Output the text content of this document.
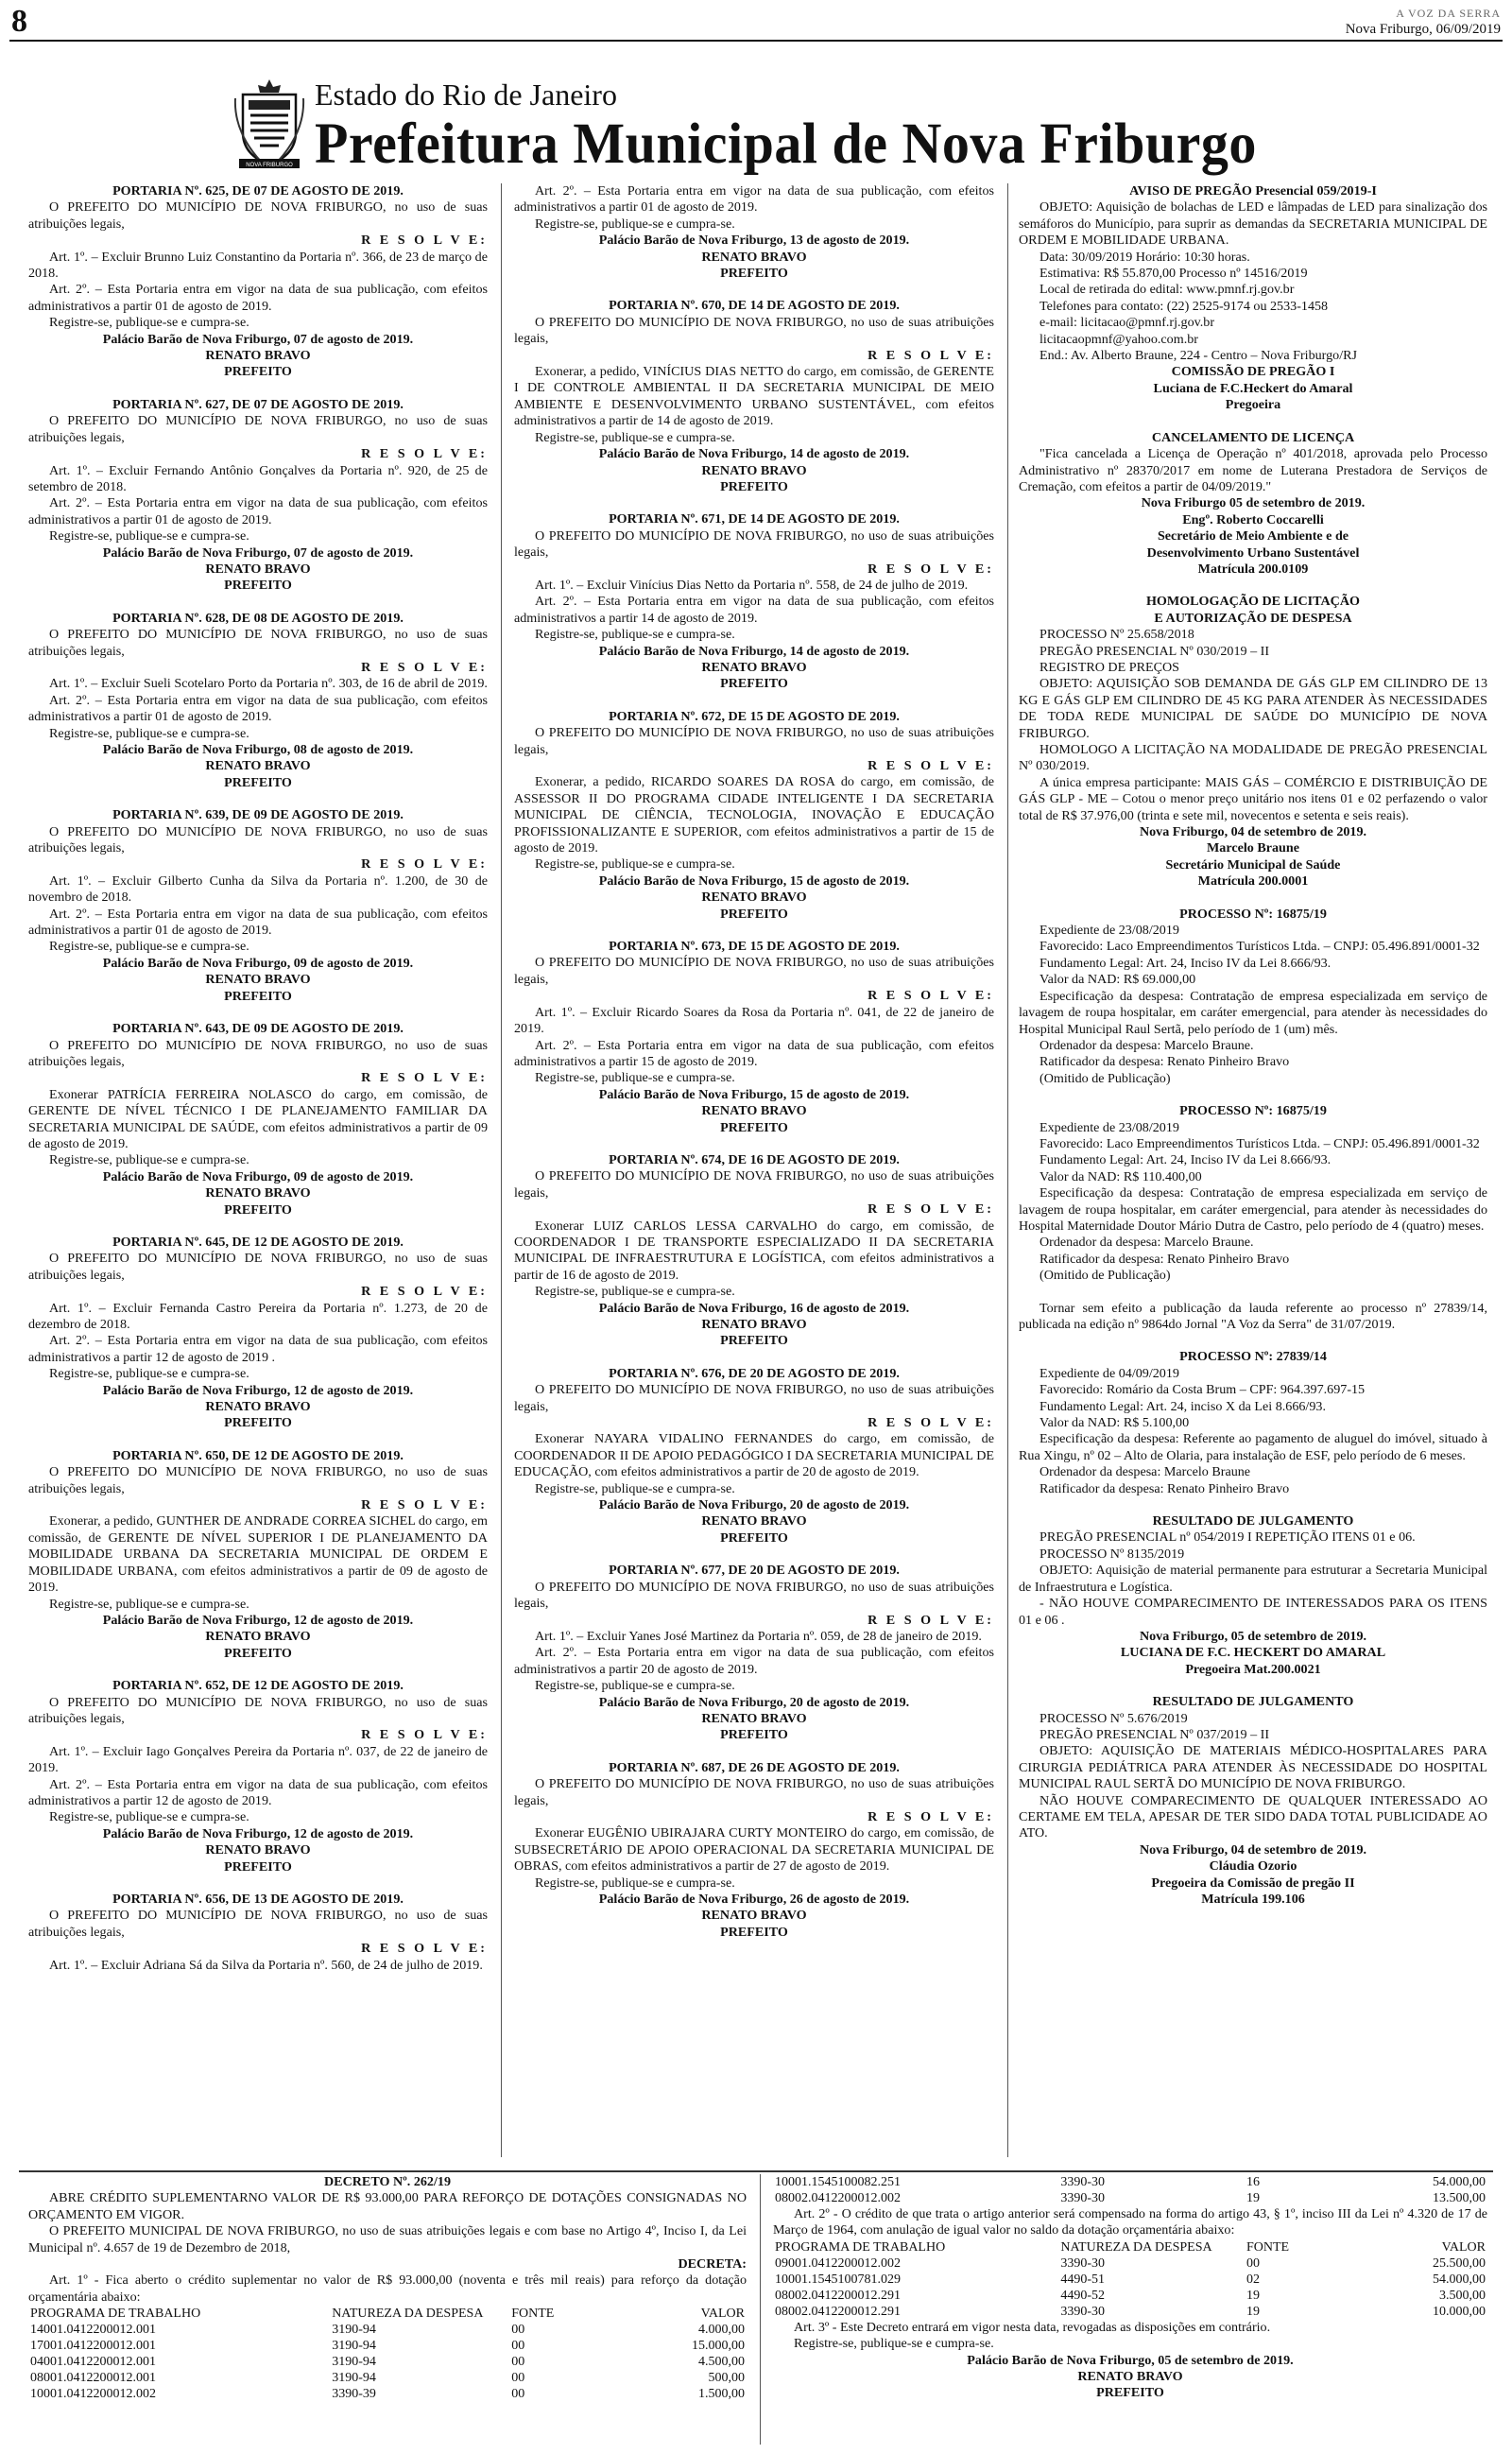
8	A VOZ DA SERRA
Nova Friburgo, 06/09/2019
NOVA FRIBURGO
Estado do Rio de Janeiro
Prefeitura Municipal de Nova Friburgo

PORTARIA Nº. 625, DE 07 DE AGOSTO DE 2019.

O PREFEITO DO MUNICÍPIO DE NOVA FRIBURGO, no uso de suas atribuições legais,

R E S O L V E:

Art. 1º. – Excluir Brunno Luiz Constantino da Portaria nº. 366, de 23 de março de 2018.

Art. 2º. – Esta Portaria entra em vigor na data de sua publicação, com efeitos administrativos a partir 01 de agosto de 2019.

Registre-se, publique-se e cumpra-se.

Palácio Barão de Nova Friburgo, 07 de agosto de 2019.

RENATO BRAVO

PREFEITO

PORTARIA Nº. 627, DE 07 DE AGOSTO DE 2019.

O PREFEITO DO MUNICÍPIO DE NOVA FRIBURGO, no uso de suas atribuições legais,

R E S O L V E:

Art. 1º. – Excluir Fernando Antônio Gonçalves da Portaria nº. 920, de 25 de setembro de 2018.

Art. 2º. – Esta Portaria entra em vigor na data de sua publicação, com efeitos administrativos a partir 01 de agosto de 2019.

Registre-se, publique-se e cumpra-se.

Palácio Barão de Nova Friburgo, 07 de agosto de 2019.

RENATO BRAVO

PREFEITO

PORTARIA Nº. 628, DE 08 DE AGOSTO DE 2019.

O PREFEITO DO MUNICÍPIO DE NOVA FRIBURGO, no uso de suas atribuições legais,

R E S O L V E:

Art. 1º. – Excluir Sueli Scotelaro Porto da Portaria nº. 303, de 16 de abril de 2019.

Art. 2º. – Esta Portaria entra em vigor na data de sua publicação, com efeitos administrativos a partir 01 de agosto de 2019.

Registre-se, publique-se e cumpra-se.

Palácio Barão de Nova Friburgo, 08 de agosto de 2019.

RENATO BRAVO

PREFEITO

PORTARIA Nº. 639, DE 09 DE AGOSTO DE 2019.

O PREFEITO DO MUNICÍPIO DE NOVA FRIBURGO, no uso de suas atribuições legais,

R E S O L V E:

Art. 1º. – Excluir Gilberto Cunha da Silva da Portaria nº. 1.200, de 30 de novembro de 2018.

Art. 2º. – Esta Portaria entra em vigor na data de sua publicação, com efeitos administrativos a partir 01 de agosto de 2019.

Registre-se, publique-se e cumpra-se.

Palácio Barão de Nova Friburgo, 09 de agosto de 2019.

RENATO BRAVO

PREFEITO

PORTARIA Nº. 643, DE 09 DE AGOSTO DE 2019.

O PREFEITO DO MUNICÍPIO DE NOVA FRIBURGO, no uso de suas atribuições legais,

R E S O L V E:

Exonerar PATRÍCIA FERREIRA NOLASCO do cargo, em comissão, de GERENTE DE NÍVEL TÉCNICO I DE PLANEJAMENTO FAMILIAR DA SECRETARIA MUNICIPAL DE SAÚDE, com efeitos administrativos a partir de 09 de agosto de 2019.

Registre-se, publique-se e cumpra-se.

Palácio Barão de Nova Friburgo, 09 de agosto de 2019.

RENATO BRAVO

PREFEITO

PORTARIA Nº. 645, DE 12 DE AGOSTO DE 2019.

O PREFEITO DO MUNICÍPIO DE NOVA FRIBURGO, no uso de suas atribuições legais,

R E S O L V E:

Art. 1º. – Excluir Fernanda Castro Pereira da Portaria nº. 1.273, de 20 de dezembro de 2018.

Art. 2º. – Esta Portaria entra em vigor na data de sua publicação, com efeitos administrativos a partir 12 de agosto de 2019 .

Registre-se, publique-se e cumpra-se.

Palácio Barão de Nova Friburgo, 12 de agosto de 2019.

RENATO BRAVO

PREFEITO

PORTARIA Nº. 650, DE 12 DE AGOSTO DE 2019.

O PREFEITO DO MUNICÍPIO DE NOVA FRIBURGO, no uso de suas atribuições legais,

R E S O L V E:

Exonerar, a pedido, GUNTHER DE ANDRADE CORREA SICHEL do cargo, em comissão, de GERENTE DE NÍVEL SUPERIOR I DE PLANEJAMENTO DA MOBILIDADE URBANA DA SECRETARIA MUNICIPAL DE ORDEM E MOBILIDADE URBANA, com efeitos administrativos a partir de 09 de agosto de 2019.

Registre-se, publique-se e cumpra-se.

Palácio Barão de Nova Friburgo, 12 de agosto de 2019.

RENATO BRAVO

PREFEITO

PORTARIA Nº. 652, DE 12 DE AGOSTO DE 2019.

O PREFEITO DO MUNICÍPIO DE NOVA FRIBURGO, no uso de suas atribuições legais,

R E S O L V E:

Art. 1º. – Excluir Iago Gonçalves Pereira da Portaria nº. 037, de 22 de janeiro de 2019.

Art. 2º. – Esta Portaria entra em vigor na data de sua publicação, com efeitos administrativos a partir 12 de agosto de 2019.

Registre-se, publique-se e cumpra-se.

Palácio Barão de Nova Friburgo, 12 de agosto de 2019.

RENATO BRAVO

PREFEITO

PORTARIA Nº. 656, DE 13 DE AGOSTO DE 2019.

O PREFEITO DO MUNICÍPIO DE NOVA FRIBURGO, no uso de suas atribuições legais,

R E S O L V E:

Art. 1º. – Excluir Adriana Sá da Silva da Portaria nº. 560, de 24 de julho de 2019.

Art. 2º. – Esta Portaria entra em vigor na data de sua publicação, com efeitos administrativos a partir 01 de agosto de 2019.

Registre-se, publique-se e cumpra-se.

Palácio Barão de Nova Friburgo, 13 de agosto de 2019.

RENATO BRAVO

PREFEITO

PORTARIA Nº. 670, DE 14 DE AGOSTO DE 2019.

O PREFEITO DO MUNICÍPIO DE NOVA FRIBURGO, no uso de suas atribuições legais,

R E S O L V E:

Exonerar, a pedido, VINÍCIUS DIAS NETTO do cargo, em comissão, de GERENTE I DE CONTROLE AMBIENTAL II DA SECRETARIA MUNICIPAL DE MEIO AMBIENTE E DESENVOLVIMENTO URBANO SUSTENTÁVEL, com efeitos administrativos a partir de 14 de agosto de 2019.

Registre-se, publique-se e cumpra-se.

Palácio Barão de Nova Friburgo, 14 de agosto de 2019.

RENATO BRAVO

PREFEITO

PORTARIA Nº. 671, DE 14 DE AGOSTO DE 2019.

O PREFEITO DO MUNICÍPIO DE NOVA FRIBURGO, no uso de suas atribuições legais,

R E S O L V E:

Art. 1º. – Excluir Vinícius Dias Netto da Portaria nº. 558, de 24 de julho de 2019.

Art. 2º. – Esta Portaria entra em vigor na data de sua publicação, com efeitos administrativos a partir 14 de agosto de 2019.

Registre-se, publique-se e cumpra-se.

Palácio Barão de Nova Friburgo, 14 de agosto de 2019.

RENATO BRAVO

PREFEITO

PORTARIA Nº. 672, DE 15 DE AGOSTO DE 2019.

O PREFEITO DO MUNICÍPIO DE NOVA FRIBURGO, no uso de suas atribuições legais,

R E S O L V E:

Exonerar, a pedido, RICARDO SOARES DA ROSA do cargo, em comissão, de ASSESSOR II DO PROGRAMA CIDADE INTELIGENTE I DA SECRETARIA MUNICIPAL DE CIÊNCIA, TECNOLOGIA, INOVAÇÃO E EDUCAÇÃO PROFISSIONALIZANTE E SUPERIOR, com efeitos administrativos a partir de 15 de agosto de 2019.

Registre-se, publique-se e cumpra-se.

Palácio Barão de Nova Friburgo, 15 de agosto de 2019.

RENATO BRAVO

PREFEITO

PORTARIA Nº. 673, DE 15 DE AGOSTO DE 2019.

O PREFEITO DO MUNICÍPIO DE NOVA FRIBURGO, no uso de suas atribuições legais,

R E S O L V E:

Art. 1º. – Excluir Ricardo Soares da Rosa da Portaria nº. 041, de 22 de janeiro de 2019.

Art. 2º. – Esta Portaria entra em vigor na data de sua publicação, com efeitos administrativos a partir 15 de agosto de 2019.

Registre-se, publique-se e cumpra-se.

Palácio Barão de Nova Friburgo, 15 de agosto de 2019.

RENATO BRAVO

PREFEITO

PORTARIA Nº. 674, DE 16 DE AGOSTO DE 2019.

O PREFEITO DO MUNICÍPIO DE NOVA FRIBURGO, no uso de suas atribuições legais,

R E S O L V E:

Exonerar LUIZ CARLOS LESSA CARVALHO do cargo, em comissão, de COORDENADOR I DE TRANSPORTE ESPECIALIZADO II DA SECRETARIA MUNICIPAL DE INFRAESTRUTURA E LOGÍSTICA, com efeitos administrativos a partir de 16 de agosto de 2019.

Registre-se, publique-se e cumpra-se.

Palácio Barão de Nova Friburgo, 16 de agosto de 2019.

RENATO BRAVO

PREFEITO

PORTARIA Nº. 676, DE 20 DE AGOSTO DE 2019.

O PREFEITO DO MUNICÍPIO DE NOVA FRIBURGO, no uso de suas atribuições legais,

R E S O L V E:

Exonerar NAYARA VIDALINO FERNANDES do cargo, em comissão, de COORDENADOR II DE APOIO PEDAGÓGICO I DA SECRETARIA MUNICIPAL DE EDUCAÇÃO, com efeitos administrativos a partir de 20 de agosto de 2019.

Registre-se, publique-se e cumpra-se.

Palácio Barão de Nova Friburgo, 20 de agosto de 2019.

RENATO BRAVO

PREFEITO

PORTARIA Nº. 677, DE 20 DE AGOSTO DE 2019.

O PREFEITO DO MUNICÍPIO DE NOVA FRIBURGO, no uso de suas atribuições legais,

R E S O L V E:

Art. 1º. – Excluir Yanes José Martinez da Portaria nº. 059, de 28 de janeiro de 2019.

Art. 2º. – Esta Portaria entra em vigor na data de sua publicação, com efeitos administrativos a partir 20 de agosto de 2019.

Registre-se, publique-se e cumpra-se.

Palácio Barão de Nova Friburgo, 20 de agosto de 2019.

RENATO BRAVO

PREFEITO

PORTARIA Nº. 687, DE 26 DE AGOSTO DE 2019.

O PREFEITO DO MUNICÍPIO DE NOVA FRIBURGO, no uso de suas atribuições legais,

R E S O L V E:

Exonerar EUGÊNIO UBIRAJARA CURTY MONTEIRO do cargo, em comissão, de SUBSECRETÁRIO DE APOIO OPERACIONAL DA SECRETARIA MUNICIPAL DE OBRAS, com efeitos administrativos a partir de 27 de agosto de 2019.

Registre-se, publique-se e cumpra-se.

Palácio Barão de Nova Friburgo, 26 de agosto de 2019.

RENATO BRAVO

PREFEITO

AVISO DE PREGÃO Presencial 059/2019-I

OBJETO: Aquisição de bolachas de LED e lâmpadas de LED para sinalização dos semáforos do Município, para suprir as demandas da SECRETARIA MUNICIPAL DE ORDEM E MOBILIDADE URBANA.

Data: 30/09/2019 Horário: 10:30 horas.

Estimativa: R$ 55.870,00 Processo nº 14516/2019

Local de retirada do edital: www.pmnf.rj.gov.br

Telefones para contato: (22) 2525-9174 ou 2533-1458

e-mail: licitacao@pmnf.rj.gov.br

licitacaopmnf@yahoo.com.br

End.: Av. Alberto Braune, 224 - Centro – Nova Friburgo/RJ

COMISSÃO DE PREGÃO I

Luciana de F.C.Heckert do Amaral

Pregoeira

CANCELAMENTO DE LICENÇA

"Fica cancelada a Licença de Operação nº 401/2018, aprovada pelo Processo Administrativo nº 28370/2017 em nome de Luterana Prestadora de Serviços de Cremação, com efeitos a partir de 04/09/2019."

Nova Friburgo 05 de setembro de 2019.

Engº. Roberto Coccarelli

Secretário de Meio Ambiente e de

Desenvolvimento Urbano Sustentável

Matrícula 200.0109

HOMOLOGAÇÃO DE LICITAÇÃO

E AUTORIZAÇÃO DE DESPESA

PROCESSO Nº 25.658/2018

PREGÃO PRESENCIAL Nº 030/2019 – II

REGISTRO DE PREÇOS

OBJETO: AQUISIÇÃO SOB DEMANDA DE GÁS GLP EM CILINDRO DE 13 KG E GÁS GLP EM CILINDRO DE 45 KG PARA ATENDER ÀS NECESSIDADES DE TODA REDE MUNICIPAL DE SAÚDE DO MUNICÍPIO DE NOVA FRIBURGO.

HOMOLOGO A LICITAÇÃO NA MODALIDADE DE PREGÃO PRESENCIAL Nº 030/2019.

A única empresa participante: MAIS GÁS – COMÉRCIO E DISTRIBUIÇÃO DE GÁS GLP - ME – Cotou o menor preço unitário nos itens 01 e 02 perfazendo o valor total de R$ 37.976,00 (trinta e sete mil, novecentos e setenta e seis reais).

Nova Friburgo, 04 de setembro de 2019.

Marcelo Braune

Secretário Municipal de Saúde

Matrícula 200.0001

PROCESSO Nº: 16875/19

Expediente de 23/08/2019

Favorecido: Laco Empreendimentos Turísticos Ltda. – CNPJ: 05.496.891/0001-32

Fundamento Legal: Art. 24, Inciso IV da Lei 8.666/93.

Valor da NAD: R$ 69.000,00

Especificação da despesa: Contratação de empresa especializada em serviço de lavagem de roupa hospitalar, em caráter emergencial, para atender às necessidades do Hospital Municipal Raul Sertã, pelo período de 1 (um) mês.

Ordenador da despesa: Marcelo Braune.

Ratificador da despesa: Renato Pinheiro Bravo

(Omitido de Publicação)

PROCESSO Nº: 16875/19

Expediente de 23/08/2019

Favorecido: Laco Empreendimentos Turísticos Ltda. – CNPJ: 05.496.891/0001-32

Fundamento Legal: Art. 24, Inciso IV da Lei 8.666/93.

Valor da NAD: R$ 110.400,00

Especificação da despesa: Contratação de empresa especializada em serviço de lavagem de roupa hospitalar, em caráter emergencial, para atender às necessidades do Hospital Maternidade Doutor Mário Dutra de Castro, pelo período de 4 (quatro) meses.

Ordenador da despesa: Marcelo Braune.

Ratificador da despesa: Renato Pinheiro Bravo

(Omitido de Publicação)

Tornar sem efeito a publicação da lauda referente ao processo nº 27839/14, publicada na edição nº 9864do Jornal "A Voz da Serra" de 31/07/2019.

PROCESSO Nº: 27839/14

Expediente de 04/09/2019

Favorecido: Romário da Costa Brum – CPF: 964.397.697-15

Fundamento Legal: Art. 24, inciso X da Lei 8.666/93.

Valor da NAD: R$ 5.100,00

Especificação da despesa: Referente ao pagamento de aluguel do imóvel, situado à Rua Xingu, nº 02 – Alto de Olaria, para instalação de ESF, pelo período de 6 meses.

Ordenador da despesa: Marcelo Braune

Ratificador da despesa: Renato Pinheiro Bravo

RESULTADO DE JULGAMENTO

PREGÃO PRESENCIAL nº 054/2019 I REPETIÇÃO ITENS 01 e 06.

PROCESSO Nº 8135/2019

OBJETO: Aquisição de material permanente para estruturar a Secretaria Municipal de Infraestrutura e Logística.

- NÃO HOUVE COMPARECIMENTO DE INTERESSADOS PARA OS ITENS 01 e 06 .

Nova Friburgo, 05 de setembro de 2019.

LUCIANA DE F.C. HECKERT DO AMARAL

Pregoeira Mat.200.0021

RESULTADO DE JULGAMENTO

PROCESSO Nº 5.676/2019

PREGÃO PRESENCIAL Nº 037/2019 – II

OBJETO: AQUISIÇÃO DE MATERIAIS MÉDICO-HOSPITALARES PARA CIRURGIA PEDIÁTRICA PARA ATENDER ÀS NECESSIDADE DO HOSPITAL MUNICIPAL RAUL SERTÃ DO MUNICÍPIO DE NOVA FRIBURGO.

NÃO HOUVE COMPARECIMENTO DE QUALQUER INTERESSADO AO CERTAME EM TELA, APESAR DE TER SIDO DADA TOTAL PUBLICIDADE AO ATO.

Nova Friburgo, 04 de setembro de 2019.

Cláudia Ozorio

Pregoeira da Comissão de pregão II

Matrícula 199.106

DECRETO Nº. 262/19

ABRE CRÉDITO SUPLEMENTARNO VALOR DE R$ 93.000,00 PARA REFORÇO DE DOTAÇÕES CONSIGNADAS NO ORÇAMENTO EM VIGOR.

O PREFEITO MUNICIPAL DE NOVA FRIBURGO, no uso de suas atribuições legais e com base no Artigo 4º, Inciso I, da Lei Municipal nº. 4.657 de 19 de Dezembro de 2018,

DECRETA:

Art. 1º - Fica aberto o crédito suplementar no valor de R$ 93.000,00 (noventa e três mil reais) para reforço da dotação orçamentária abaixo:

PROGRAMA DE TRABALHO	NATUREZA DA DESPESA	FONTE	VALOR
14001.0412200012.001	3190-94	00	4.000,00
17001.0412200012.001	3190-94	00	15.000,00
04001.0412200012.001	3190-94	00	4.500,00
08001.0412200012.001	3190-94	00	500,00
10001.0412200012.002	3390-39	00	1.500,00
10001.1545100082.251	3390-30	16	54.000,00
08002.0412200012.002	3390-30	19	13.500,00

Art. 2º - O crédito de que trata o artigo anterior será compensado na forma do artigo 43, § 1º, inciso III da Lei nº 4.320 de 17 de Março de 1964, com anulação de igual valor no saldo da dotação orçamentária abaixo:

PROGRAMA DE TRABALHO	NATUREZA DA DESPESA	FONTE	VALOR
09001.0412200012.002	3390-30	00	25.500,00
10001.1545100781.029	4490-51	02	54.000,00
08002.0412200012.291	4490-52	19	3.500,00
08002.0412200012.291	3390-30	19	10.000,00

Art. 3º - Este Decreto entrará em vigor nesta data, revogadas as disposições em contrário.

Registre-se, publique-se e cumpra-se.

Palácio Barão de Nova Friburgo, 05 de setembro de 2019.

RENATO BRAVO

PREFEITO
